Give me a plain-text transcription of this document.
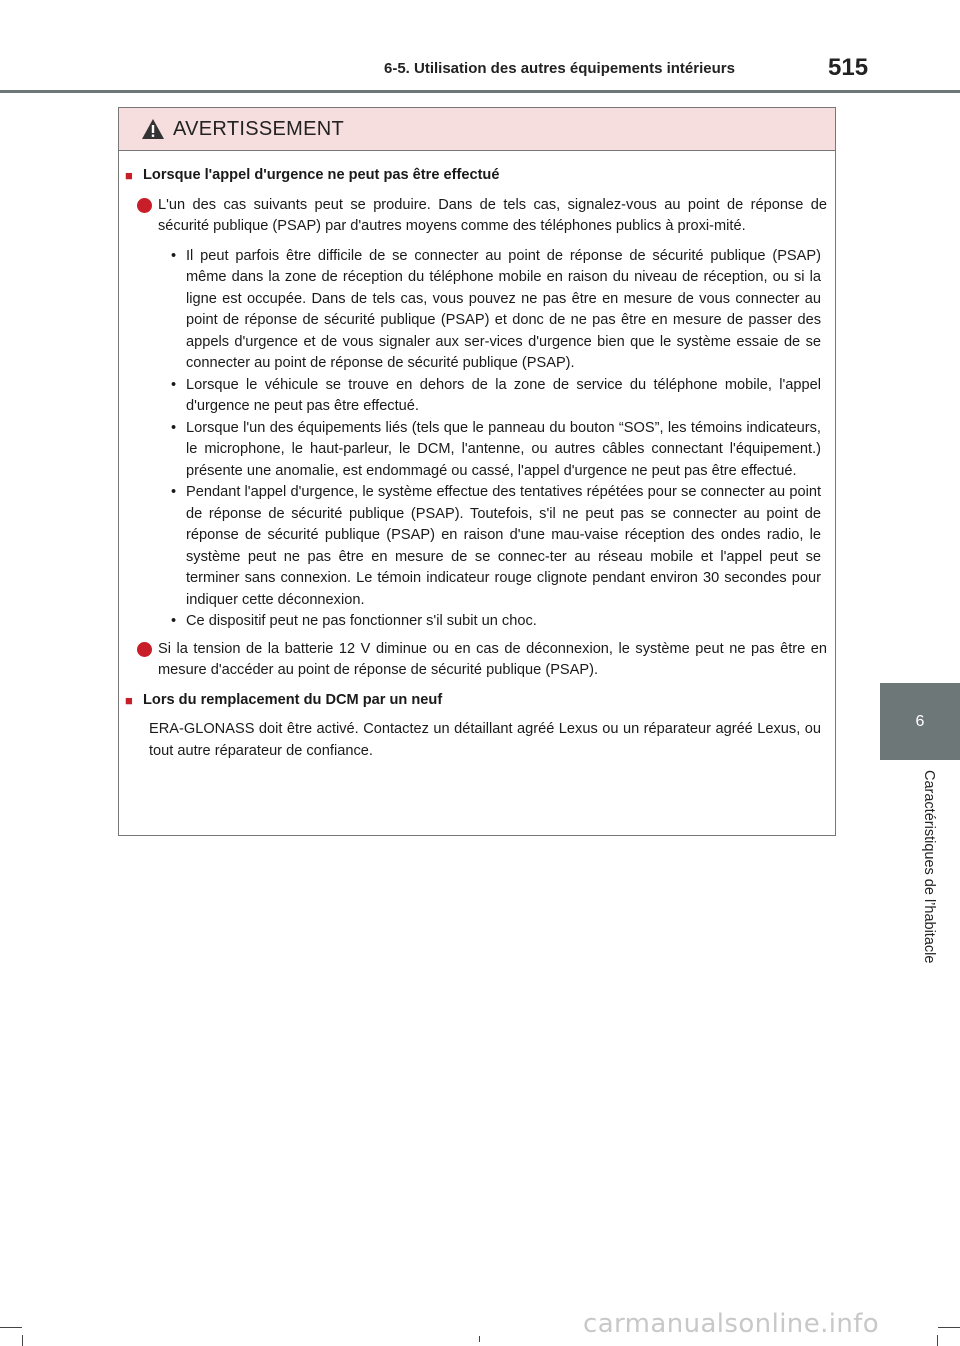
6-5. Utilisation des autres équipements intérieurs	515
6
Caractéristiques de l’habitacle
AVERTISSEMENT
■ Lorsque l'appel d'urgence ne peut pas être effectué
L'un des cas suivants peut se produire. Dans de tels cas, signalez-vous au point de réponse de sécurité publique (PSAP) par d'autres moyens comme des téléphones publics à proxi-mité.
• Il peut parfois être difficile de se connecter au point de réponse de sécurité publique (PSAP) même dans la zone de réception du téléphone mobile en raison du niveau de réception, ou si la ligne est occupée. Dans de tels cas, vous pouvez ne pas être en mesure de vous connecter au point de réponse de sécurité publique (PSAP) et donc de ne pas être en mesure de passer des appels d'urgence et de vous signaler aux ser-vices d'urgence bien que le système essaie de se connecter au point de réponse de sécurité publique (PSAP).
• Lorsque le véhicule se trouve en dehors de la zone de service du téléphone mobile, l'appel d'urgence ne peut pas être effectué.
• Lorsque l'un des équipements liés (tels que le panneau du bouton “SOS”, les témoins indicateurs, le microphone, le haut-parleur, le DCM, l'antenne, ou autres câbles connectant l'équipement.) présente une anomalie, est endommagé ou cassé, l'appel d'urgence ne peut pas être effectué.
• Pendant l'appel d'urgence, le système effectue des tentatives répétées pour se connecter au point de réponse de sécurité publique (PSAP). Toutefois, s'il ne peut pas se connecter au point de réponse de sécurité publique (PSAP) en raison d'une mau-vaise réception des ondes radio, le système peut ne pas être en mesure de se connec-ter au réseau mobile et l'appel peut se terminer sans connexion. Le témoin indicateur rouge clignote pendant environ 30 secondes pour indiquer cette déconnexion.
• Ce dispositif peut ne pas fonctionner s'il subit un choc.
Si la tension de la batterie 12 V diminue ou en cas de déconnexion, le système peut ne pas être en mesure d'accéder au point de réponse de sécurité publique (PSAP).
■ Lors du remplacement du DCM par un neuf
ERA-GLONASS doit être activé. Contactez un détaillant agréé Lexus ou un réparateur agréé Lexus, ou tout autre réparateur de confiance.
carmanualsonline.info
